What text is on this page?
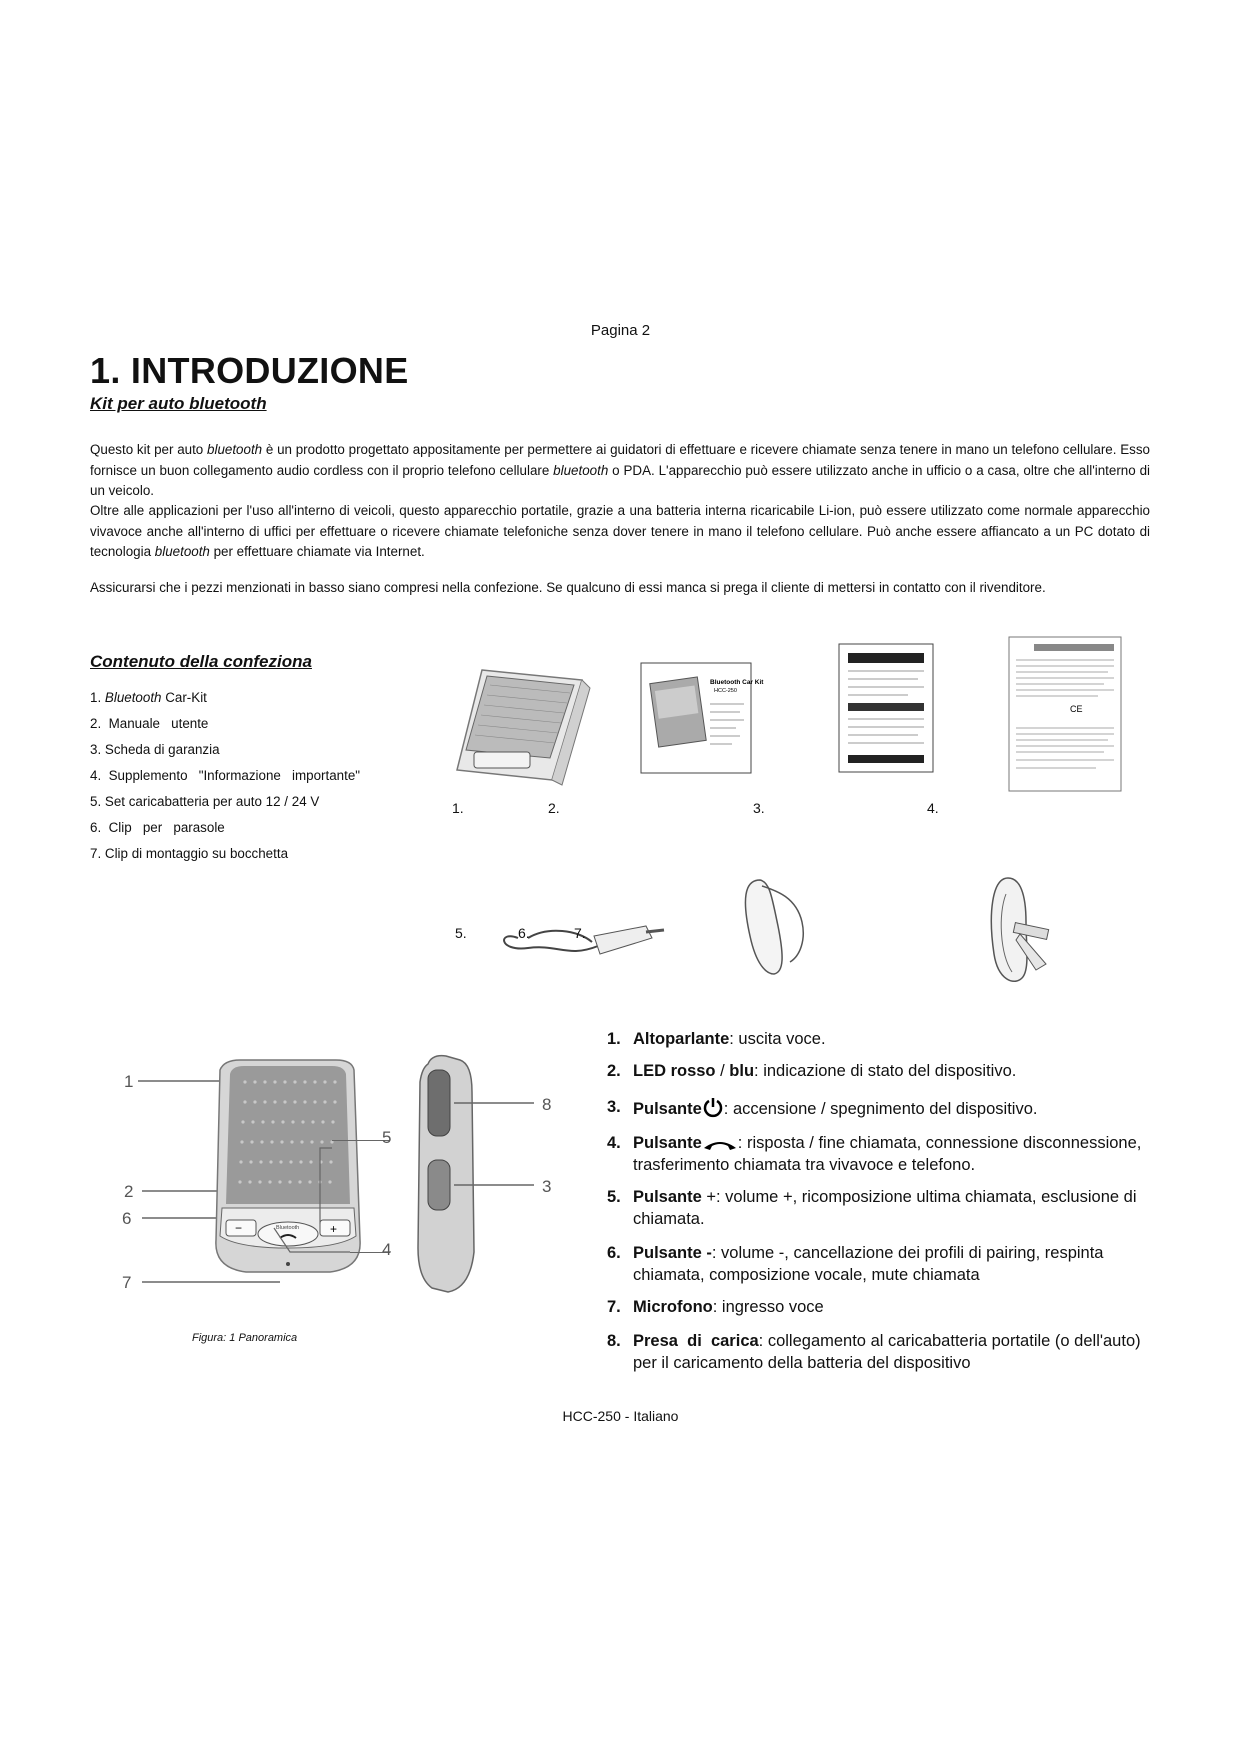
Pagina 2
1. INTRODUZIONE
Kit per auto bluetooth
Questo kit per auto bluetooth è un prodotto progettato appositamente per permettere ai guidatori di effettuare e ricevere chiamate senza tenere in mano un telefono cellulare. Esso fornisce un buon collegamento audio cordless con il proprio telefono cellulare bluetooth o PDA. L'apparecchio può essere utilizzato anche in ufficio o a casa, oltre che all'interno di un veicolo.
Oltre alle applicazioni per l'uso all'interno di veicoli, questo apparecchio portatile, grazie a una batteria interna ricaricabile Li-ion, può essere utilizzato come normale apparecchio vivavoce anche all'interno di uffici per effettuare o ricevere chiamate telefoniche senza dover tenere in mano il telefono cellulare. Può anche essere affiancato a un PC dotato di tecnologia bluetooth per effettuare chiamate via Internet.
Assicurarsi che i pezzi menzionati in basso siano compresi nella confezione. Se qualcuno di essi manca si prega il cliente di mettersi in contatto con il rivenditore.
Contenuto della confeziona
1. Bluetooth Car-Kit
2.  Manuale   utente
3. Scheda di garanzia
4.  Supplemento   "Informazione   importante"
5. Set caricabatteria per auto 12 / 24 V
6.  Clip   per   parasole
7. Clip di montaggio su bocchetta
Bluetooth Car Kit
HCC-250
CE
1.	2.	3.	4.
5.	6.	7.
1
2
6
7
−	+
Bluetooth
5
4
8
3
Figura: 1 Panoramica
1. Altoparlante: uscita voce.
2. LED rosso / blu: indicazione di stato del dispositivo.
3. Pulsante : accensione / spegnimento del dispositivo.
4. Pulsante : risposta / fine chiamata, connessione disconnessione, trasferimento chiamata tra vivavoce e telefono.
5. Pulsante +: volume +, ricomposizione ultima chiamata, esclusione di chiamata.
6. Pulsante -: volume -, cancellazione dei profili di pairing, respinta chiamata, composizione vocale, mute chiamata
7. Microfono: ingresso voce
8. Presa  di  carica: collegamento al caricabatteria portatile (o dell'auto) per il caricamento della batteria del dispositivo
HCC-250 - Italiano
